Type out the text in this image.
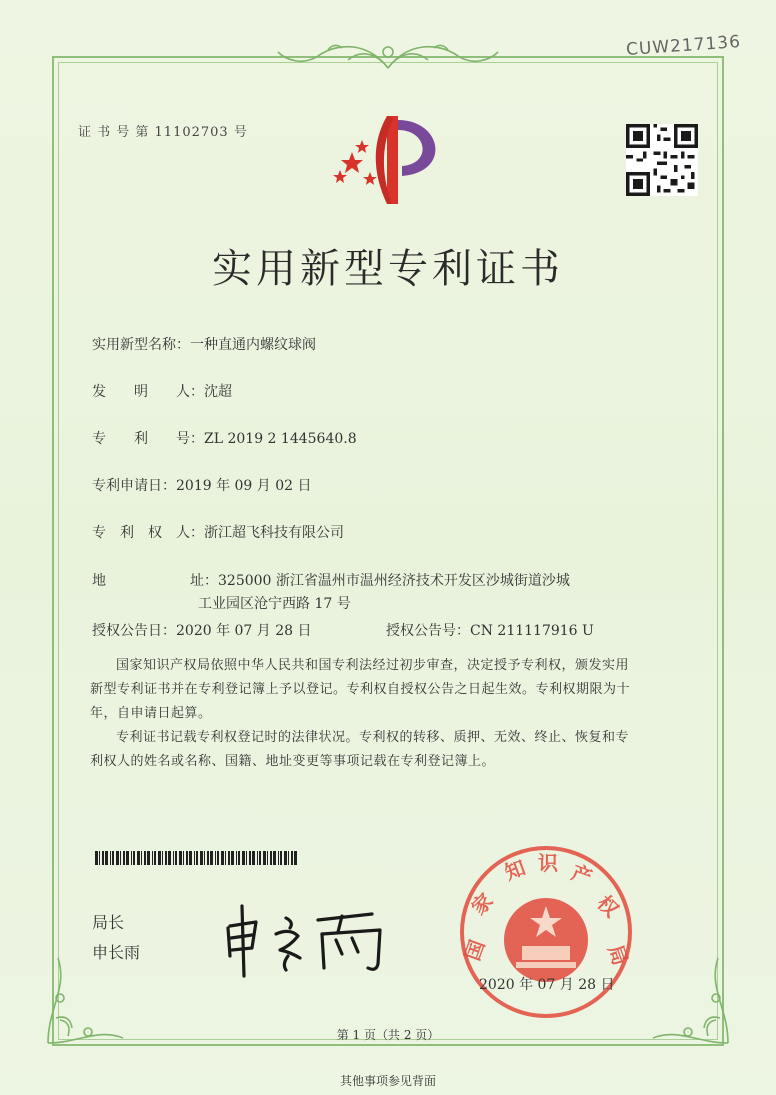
CUW217136
证 书 号 第 11102703 号
实用新型专利证书
实用新型名称：一种直通内螺纹球阀
发　　明　　人：沈超
专　　利　　号：ZL 2019 2 1445640.8
专利申请日：2019 年 09 月 02 日
专　利　权　人：浙江超飞科技有限公司
地　　　　　　址：325000 浙江省温州市温州经济技术开发区沙城街道沙城
工业园区沧宁西路 17 号
授权公告日：2020 年 07 月 28 日	授权公告号：CN 211117916 U
国家知识产权局依照中华人民共和国专利法经过初步审查，决定授予专利权，颁发实用
新型专利证书并在专利登记簿上予以登记。专利权自授权公告之日起生效。专利权期限为十
年，自申请日起算。
专利证书记载专利权登记时的法律状况。专利权的转移、质押、无效、终止、恢复和专
利权人的姓名或名称、国籍、地址变更等事项记载在专利登记簿上。
局长
申长雨	国
家
知 识 产
权
局
2020 年 07 月 28 日
第 1 页（共 2 页）
其他事项参见背面
